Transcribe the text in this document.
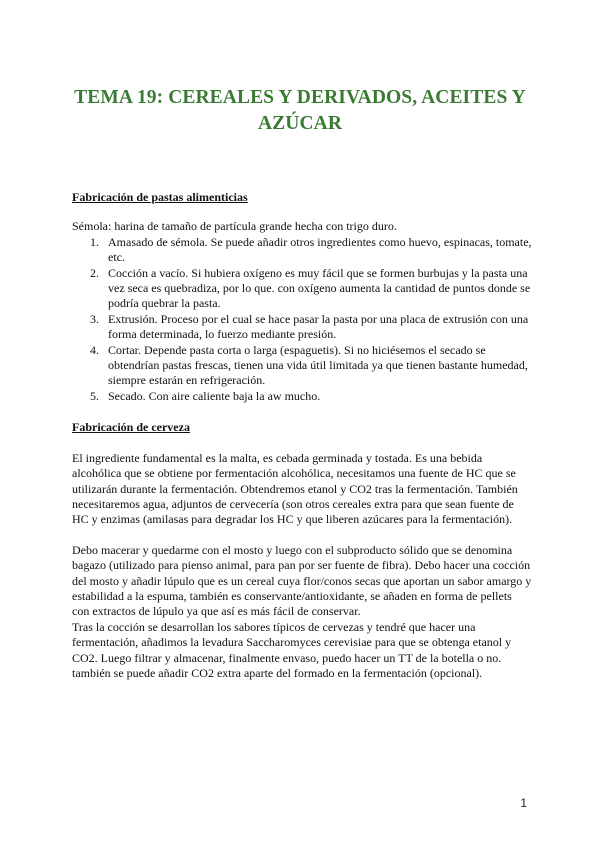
TEMA 19: CEREALES Y DERIVADOS, ACEITES Y AZÚCAR

Fabricación de pastas alimenticias

Sémola: harina de tamaño de partícula grande hecha con trigo duro.

1. Amasado de sémola. Se puede añadir otros ingredientes como huevo, espinacas, tomate, etc.
2. Cocción a vacío. Si hubiera oxígeno es muy fácil que se formen burbujas y la pasta una vez seca es quebradiza, por lo que. con oxígeno aumenta la cantidad de puntos donde se podría quebrar la pasta.
3. Extrusión. Proceso por el cual se hace pasar la pasta por una placa de extrusión con una forma determinada, lo fuerzo mediante presión.
4. Cortar. Depende pasta corta o larga (espaguetis). Si no hiciésemos el secado se obtendrían pastas frescas, tienen una vida útil limitada ya que tienen bastante humedad, siempre estarán en refrigeración.
5. Secado. Con aire caliente baja la aw mucho.

Fabricación de cerveza

El ingrediente fundamental es la malta, es cebada germinada y tostada. Es una bebida alcohólica que se obtiene por fermentación alcohólica, necesitamos una fuente de HC que se utilizarán durante la fermentación. Obtendremos etanol y CO2 tras la fermentación. También necesitaremos agua, adjuntos de cervecería (son otros cereales extra para que sean fuente de HC y enzimas (amilasas para degradar los HC y que liberen azúcares para la fermentación).

Debo macerar y quedarme con el mosto y luego con el subproducto sólido que se denomina bagazo (utilizado para pienso animal, para pan por ser fuente de fibra). Debo hacer una cocción del mosto y añadir lúpulo que es un cereal cuya flor/conos secas que aportan un sabor amargo y estabilidad a la espuma, también es conservante/antioxidante, se añaden en forma de pellets con extractos de lúpulo ya que así es más fácil de conservar.

Tras la cocción se desarrollan los sabores típicos de cervezas y tendré que hacer una fermentación, añadimos la levadura Saccharomyces cerevisiae para que se obtenga etanol y CO2. Luego filtrar y almacenar, finalmente envaso, puedo hacer un TT de la botella o no. también se puede añadir CO2 extra aparte del formado en la fermentación (opcional).

1
